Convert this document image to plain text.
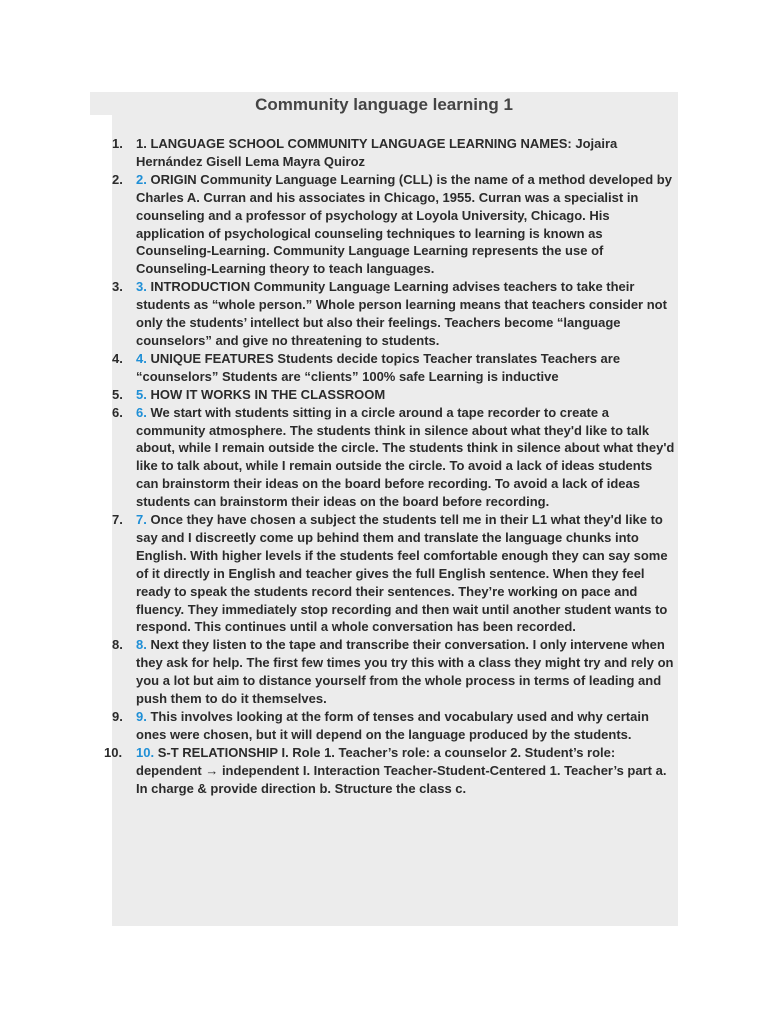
Community language learning 1
1. 1. LANGUAGE SCHOOL COMMUNITY LANGUAGE LEARNING NAMES: Jojaira Hernández Gisell Lema Mayra Quiroz
2. 2. ORIGIN Community Language Learning (CLL) is the name of a method developed by Charles A. Curran and his associates in Chicago, 1955. Curran was a specialist in counseling and a professor of psychology at Loyola University, Chicago. His application of psychological counseling techniques to learning is known as Counseling-Learning. Community Language Learning represents the use of Counseling-Learning theory to teach languages.
3. 3. INTRODUCTION Community Language Learning advises teachers to take their students as “whole person.” Whole person learning means that teachers consider not only the students’ intellect but also their feelings. Teachers become “language counselors” and give no threatening to students.
4. 4. UNIQUE FEATURES Students decide topics Teacher translates Teachers are “counselors” Students are “clients” 100% safe Learning is inductive
5. 5. HOW IT WORKS IN THE CLASSROOM
6. 6. We start with students sitting in a circle around a tape recorder to create a community atmosphere. The students think in silence about what they'd like to talk about, while I remain outside the circle. The students think in silence about what they'd like to talk about, while I remain outside the circle. To avoid a lack of ideas students can brainstorm their ideas on the board before recording. To avoid a lack of ideas students can brainstorm their ideas on the board before recording.
7. 7. Once they have chosen a subject the students tell me in their L1 what they'd like to say and I discreetly come up behind them and translate the language chunks into English. With higher levels if the students feel comfortable enough they can say some of it directly in English and teacher gives the full English sentence. When they feel ready to speak the students record their sentences. They’re working on pace and fluency. They immediately stop recording and then wait until another student wants to respond. This continues until a whole conversation has been recorded.
8. 8. Next they listen to the tape and transcribe their conversation. I only intervene when they ask for help. The first few times you try this with a class they might try and rely on you a lot but aim to distance yourself from the whole process in terms of leading and push them to do it themselves.
9. 9. This involves looking at the form of tenses and vocabulary used and why certain ones were chosen, but it will depend on the language produced by the students.
10. 10. S-T RELATIONSHIP I. Role 1. Teacher’s role: a counselor 2. Student’s role: dependent → independent I. Interaction Teacher-Student-Centered 1. Teacher’s part a. In charge & provide direction b. Structure the class c.
